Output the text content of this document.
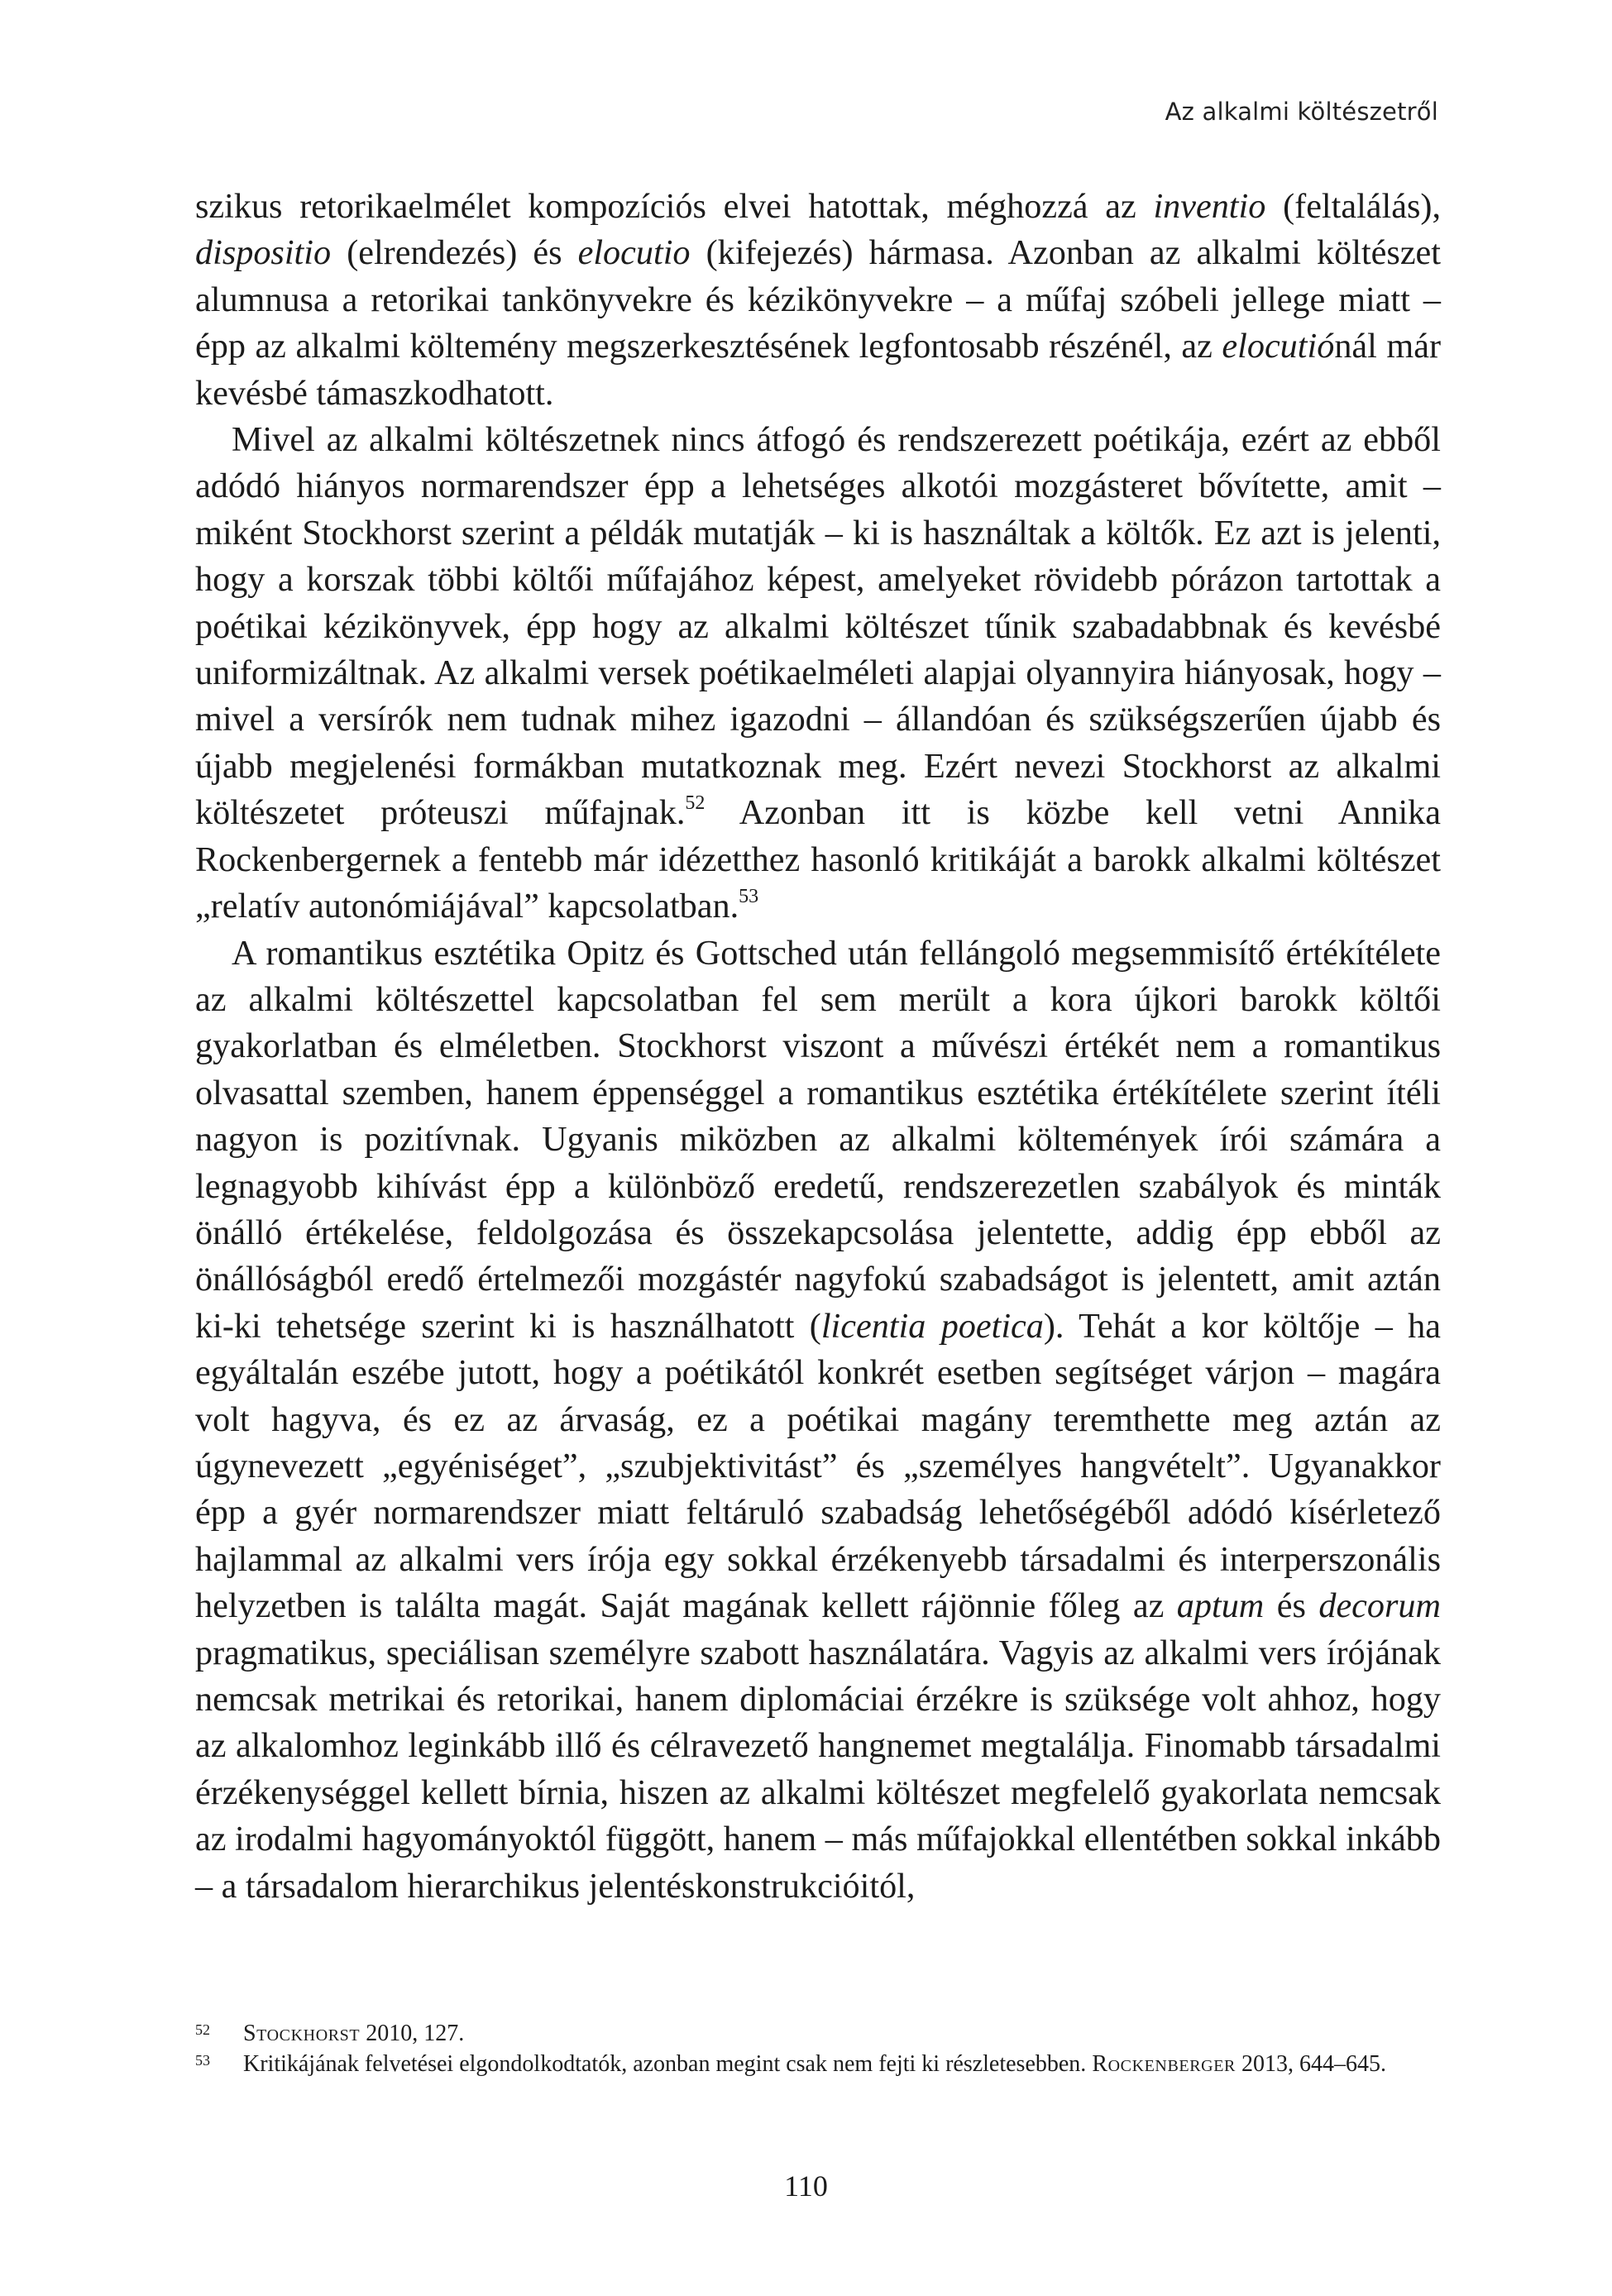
Az alkalmi költészetről

szikus retorikaelmélet kompozíciós elvei hatottak, méghozzá az inventio (feltalálás), dispositio (elrendezés) és elocutio (kifejezés) hármasa. Azonban az alkalmi költészet alumnusa a retorikai tankönyvekre és kézikönyvekre – a műfaj szóbeli jellege miatt – épp az alkalmi költemény megszerkesztésének legfontosabb részénél, az elocutiónál már kevésbé támaszkodhatott.

Mivel az alkalmi költészetnek nincs átfogó és rendszerezett poétikája, ezért az ebből adódó hiányos normarendszer épp a lehetséges alkotói mozgásteret bővítette, amit – miként Stockhorst szerint a példák mutatják – ki is használtak a költők. Ez azt is jelenti, hogy a korszak többi költői műfajához képest, amelyeket rövidebb pórázon tartottak a poétikai kézikönyvek, épp hogy az alkalmi költészet tűnik szabadabbnak és kevésbé uniformizáltnak. Az alkalmi versek poétikaelméleti alapjai olyannyira hiányosak, hogy – mivel a versírók nem tudnak mihez igazodni – állandóan és szükségszerűen újabb és újabb megjelenési formákban mutatkoznak meg. Ezért nevezi Stockhorst az alkalmi költészetet próteuszi műfajnak.$^{52}$ Azonban itt is közbe kell vetni Annika Rockenbergernek a fentebb már idézetthez hasonló kritikáját a barokk alkalmi költészet „relatív autonómiájával” kapcsolatban.$^{53}$

A romantikus esztétika Opitz és Gottsched után fellángoló megsemmisítő értékítélete az alkalmi költészettel kapcsolatban fel sem merült a kora újkori barokk költői gyakorlatban és elméletben. Stockhorst viszont a művészi értékét nem a romantikus olvasattal szemben, hanem éppenséggel a romantikus esztétika értékítélete szerint ítéli nagyon is pozitívnak. Ugyanis miközben az alkalmi költemények írói számára a legnagyobb kihívást épp a különböző eredetű, rendszerezetlen szabályok és minták önálló értékelése, feldolgozása és összekapcsolása jelentette, addig épp ebből az önállóságból eredő értelmezői mozgástér nagyfokú szabadságot is jelentett, amit aztán ki-ki tehetsége szerint ki is használhatott (licentia poetica). Tehát a kor költője – ha egyáltalán eszébe jutott, hogy a poétikától konkrét esetben segítséget várjon – magára volt hagyva, és ez az árvaság, ez a poétikai magány teremthette meg aztán az úgynevezett „egyéniséget”, „szubjektivitást” és „személyes hangvételt”. Ugyanakkor épp a gyér normarendszer miatt feltáruló szabadság lehetőségéből adódó kísérletező hajlammal az alkalmi vers írója egy sokkal érzékenyebb társadalmi és interperszonális helyzetben is találta magát. Saját magának kellett rájönnie főleg az aptum és decorum pragmatikus, speciálisan személyre szabott használatára. Vagyis az alkalmi vers írójának nemcsak metrikai és retorikai, hanem diplomáciai érzékre is szüksége volt ahhoz, hogy az alkalomhoz leginkább illő és célravezető hangnemet megtalálja. Finomabb társadalmi érzékenységgel kellett bírnia, hiszen az alkalmi költészet megfelelő gyakorlata nemcsak az irodalmi hagyományoktól függött, hanem – más műfajokkal ellentétben sokkal inkább – a társadalom hierarchikus jelentéskonstrukcióitól,

52	Stockhorst 2010, 127.
53	Kritikájának felvetései elgondolkodtatók, azonban megint csak nem fejti ki részletesebben. Rockenberger 2013, 644–645.
110
